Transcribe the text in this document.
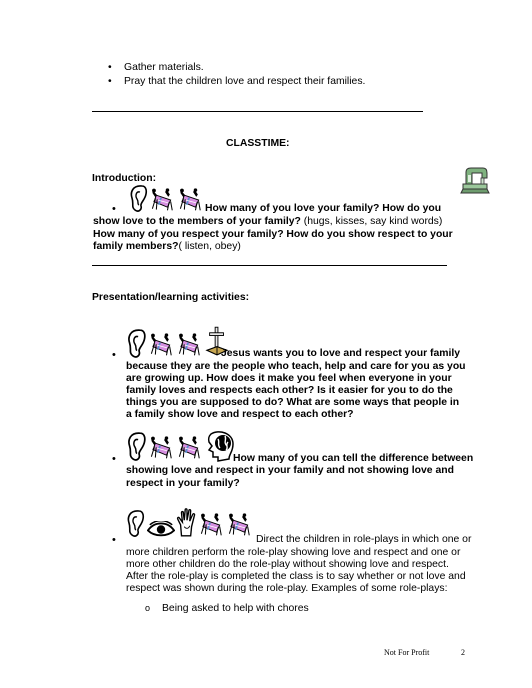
• Gather materials.
• Pray that the children love and respect their families.
CLASSTIME:
Introduction:
•	How many of you love your family? How do you
show love to the members of your family? (hugs, kisses, say kind words)
How many of you respect your family? How do you show respect to your
family members?( listen, obey)
Presentation/learning activities:
•	Jesus wants you to love and respect your family
because they are the people who teach, help and care for you as you
are growing up. How does it make you feel when everyone in your
family loves and respects each other? Is it easier for you to do the
things you are supposed to do? What are some ways that people in
a family show love and respect to each other?
•	How many of you can tell the difference between
showing love and respect in your family and not showing love and
respect in your family?
•	Direct the children in role-plays in which one or
more children perform the role-play showing love and respect and one or
more other children do the role-play without showing love and respect.
After the role-play is completed the class is to say whether or not love and
respect was shown during the role-play. Examples of some role-plays:
o Being asked to help with chores
Not For Profit	2
